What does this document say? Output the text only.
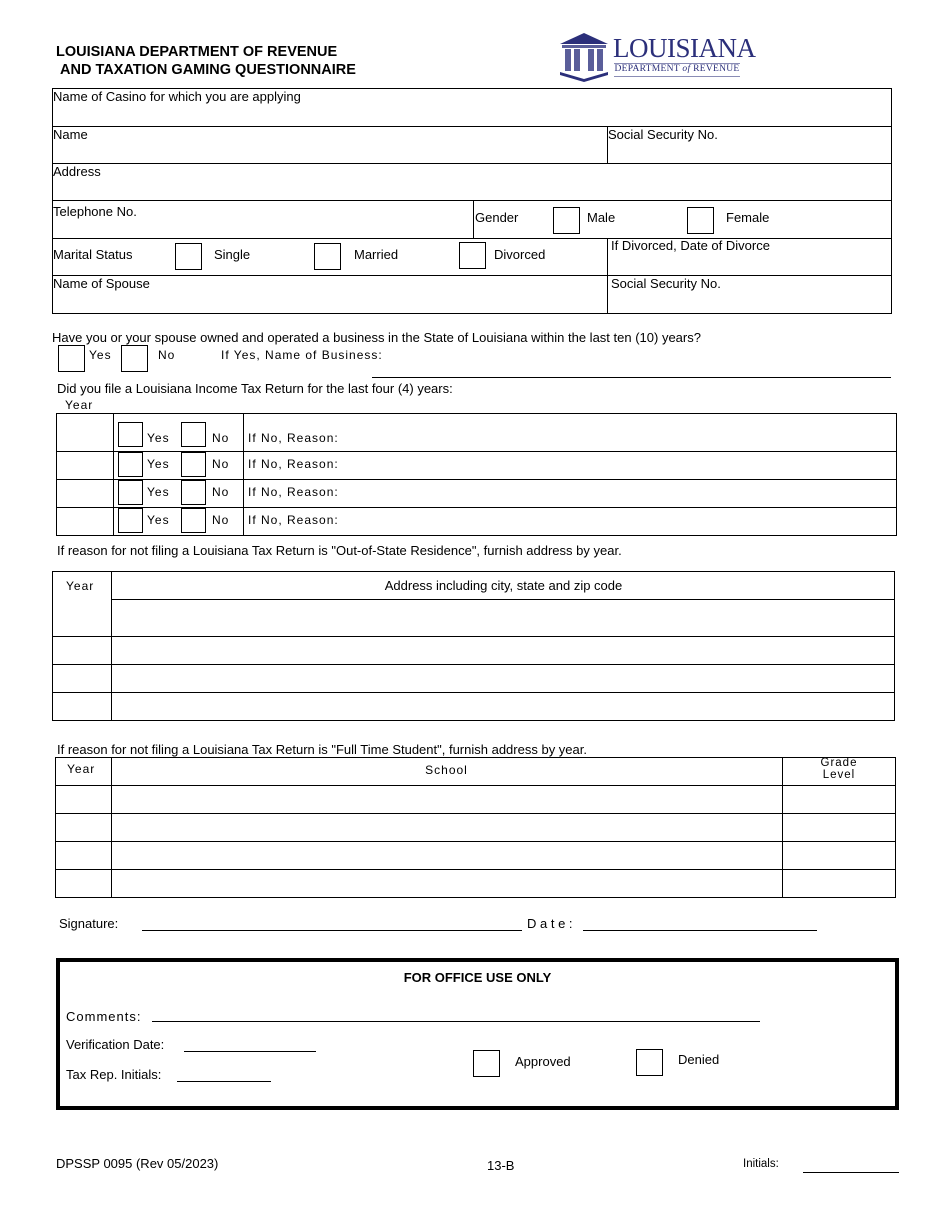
LOUISIANA DEPARTMENT OF REVENUE
AND TAXATION GAMING QUESTIONNAIRE
LOUISIANA
DEPARTMENT of REVENUE
Name of Casino for which you are applying
Name	Social Security No.
Address
Telephone No.	Gender	Male	Female
Marital Status	Single	Married	Divorced
If Divorced, Date of Divorce
Name of Spouse	Social Security No.
Have you or your spouse owned and operated a business in the State of Louisiana within the last ten (10) years?
Yes	No	If Yes, Name of Business:
Did you file a Louisiana Income Tax Return for the last four (4) years:
Year
Yes	No If No, Reason:
Yes	No If No, Reason:
Yes	No If No, Reason:
Yes	No If No, Reason:
If reason for not filing a Louisiana Tax Return is "Out-of-State Residence", furnish address by year.
Year	Address including city, state and zip code
If reason for not filing a Louisiana Tax Return is "Full Time Student", furnish address by year.
Year	School	Grade
Level
Signature:	D a t e :
FOR OFFICE USE ONLY
Comments:
Verification Date:
Tax Rep. Initials:
Approved	Denied
DPSSP 0095 (Rev 05/2023)	13-B	Initials:
